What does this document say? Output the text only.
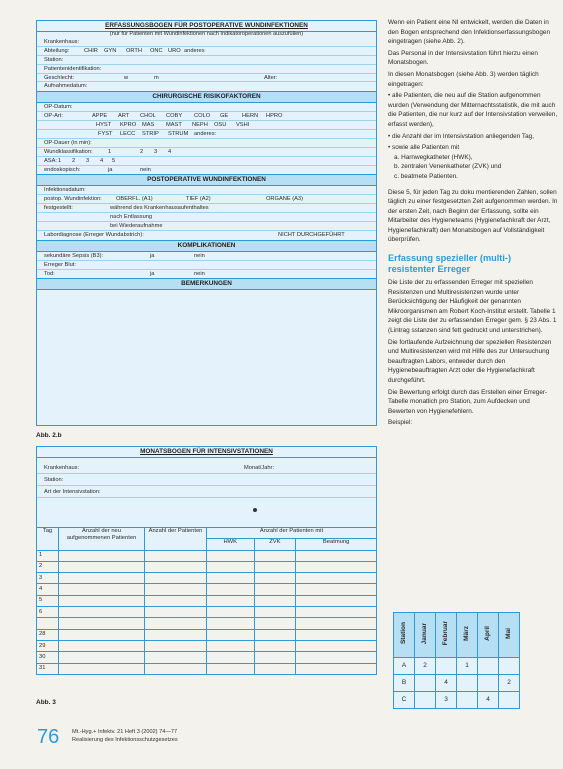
ERFASSUNGSBOGEN FÜR POSTOPERATIVE WUNDINFEKTIONEN
(nur für Patienten mit Wundinfektionen nach Indikatoroperationen auszufüllen)
Krankenhaus:
Abteilung:	CHIR GYN ORTH ONC URO anderes
Station:
Patientenidentifikation:
Geschlecht:	w	m	Alter:
Aufnahmedatum:
CHIRURGISCHE RISIKOFAKTOREN
OP-Datum:
OP-Art:	APPE ART CHOL COBY COLO GE HERN HPRO
HYST KPRO MAS MAST NEPH OSU VSHI
FYST LECC STRIP STRUM anderes:
OP-Dauer (in min):
Wundklassifikation:	1	2 3 4
ASA: 1 2 3 4 5
endoskopisch:	ja	nein
POSTOPERATIVE WUNDINFEKTIONEN
Infektionsdatum:
postop. Wundinfektion: OBERFL. (A1)	TIEF (A2)	ORGANE (A3)
festgestellt:	während des Krankenhausaufenthaltes
nach Entlassung
bei Wiederaufnahme
Labordiagnose (Erreger Wundabstrich):	NICHT DURCHGEFÜHRT
KOMPLIKATIONEN
sekundäre Sepsis (B3):	ja	nein
Erreger Blut:
Tod:	ja	nein
BEMERKUNGEN
Abb. 2.b
MONATSBOGEN FÜR INTENSIVSTATIONEN
Krankenhaus:	Monat/Jahr:
Station:
Art der Intensivstation:
Tag	Anzahl der neu aufgenommenen Patienten	Anzahl der Patienten	Anzahl der Patienten mit		
			HWK	ZVK	Beatmung
1					
2					
3					
4					
5					
6					

28					
29					
30					
31					
Abb. 3

Wenn ein Patient eine NI entwickelt, werden die Daten in den Bogen entsprechend den Infektionserfassungsbogen eingetragen (siehe Abb. 2).

Das Personal in der Intensivstation führt hierzu einen Monatsbogen.

In diesen Monatsbogen (siehe Abb. 3) werden täglich eingetragen:

• alle Patienten, die neu auf die Station aufgenommen wurden (Verwendung der Mitternachtsstatistik, die mit auch die Patienten, die nur kurz auf der Intensivstation verweilen, erfasst werden),

• die Anzahl der im Intensivstation anliegenden Tag,

• sowie alle Patienten mit

a. Harnwegkatheter (HWK),

b. zentralen Venenkatheter (ZVK) und

c. beatmete Patienten.

Diese 5, für jeden Tag zu doku mentierenden Zahlen, sollen täglich zu einer festgesetzten Zeit aufgenommen werden. In der ersten Zeit, nach Beginn der Erfassung, sollte ein Mitarbeiter des Hygieneteams (Hygienefachkraft der Arzt, Hygienefachkraft) den Monatsbogen auf Vollständigkeit überprüfen.

Erfassung spezieller (multi-) resistenter Erreger

Die Liste der zu erfassenden Erreger mit speziellen Resistenzen und Multiresistenzen wurde unter Berücksichtigung der Häufigkeit der genannten Mikroorganismen am Robert Koch-Institut erstellt. Tabelle 1 zeigt die Liste der zu erfassenden Erreger gem. § 23 Abs. 1 (Lintrag sstanzen sind fett gedruckt und unterstrichen).

Die fortlaufende Aufzeichnung der speziellen Resistenzen und Multiresistenzen wird mit Hilfe des zur Untersuchung beauftragten Labors, entweder durch den Hygienebeauftragten Arzt oder die Hygienefachkraft durchgeführt.

Die Bewertung erfolgt durch das Erstellen einer Erreger-Tabelle monatlich pro Station, zum Aufdecken und Bewerten von Hygienefehlern.

Beispiel:

Station	Januar	Februar	März	April	Mai
A	2		1		
B		4			2
C		3		4	
76 Mt.-Hyg.+ Infektv. 21 Heft 3 (2002) 74—77
Realisierung des Infektionsschutzgesetzes
